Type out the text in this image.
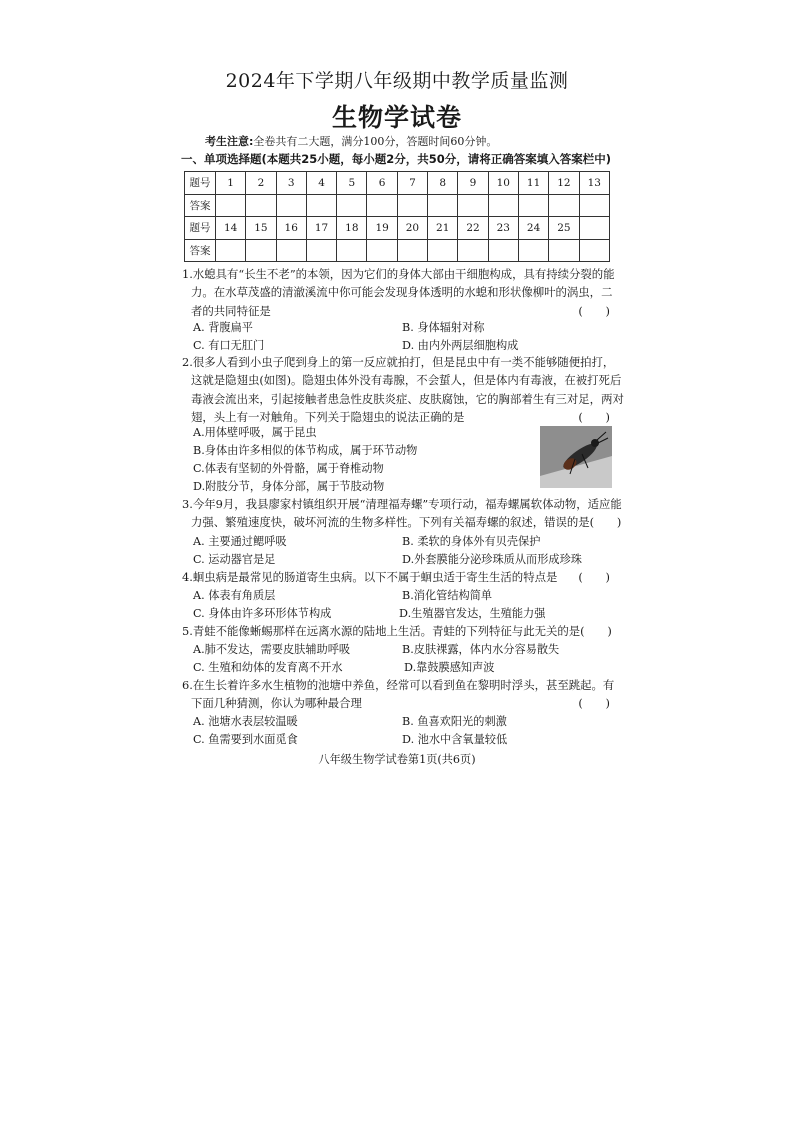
2024年下学期八年级期中教学质量监测
生物学试卷
考生注意:全卷共有二大题，满分100分，答题时间60分钟。
一、单项选择题(本题共25小题，每小题2分，共50分，请将正确答案填入答案栏中)
题号	1	2	3	4	5	6	7	8	9	10	11	12	13
答案													
题号	14	15	16	17	18	19	20	21	22	23	24	25	
答案													
1.水螅具有“长生不老”的本领，因为它们的身体大部由干细胞构成，具有持续分裂的能
力。在水草茂盛的清澈溪流中你可能会发现身体透明的水螅和形状像柳叶的涡虫，二
者的共同特征是	(　　)
A. 背腹扁平	B. 身体辐射对称
C. 有口无肛门	D. 由内外两层细胞构成
2.很多人看到小虫子爬到身上的第一反应就拍打，但是昆虫中有一类不能够随便拍打，
这就是隐翅虫(如图)。隐翅虫体外没有毒腺，不会蜇人，但是体内有毒液，在被打死后
毒液会流出来，引起接触者患急性皮肤炎症、皮肤腐蚀，它的胸部着生有三对足，两对
翅，头上有一对触角。下列关于隐翅虫的说法正确的是	(　　)
A.用体壁呼吸，属于昆虫
B.身体由许多相似的体节构成，属于环节动物
C.体表有坚韧的外骨骼，属于脊椎动物
D.附肢分节，身体分部，属于节肢动物
3.今年9月，我县廖家村镇组织开展“清理福寿螺”专项行动，福寿螺属软体动物，适应能
力强、繁殖速度快，破坏河流的生物多样性。下列有关福寿螺的叙述，错误的是(　　)
A. 主要通过鳃呼吸	B. 柔软的身体外有贝壳保护
C. 运动器官是足	D.外套膜能分泌珍珠质从而形成珍珠
4.蛔虫病是最常见的肠道寄生虫病。以下不属于蛔虫适于寄生生活的特点是 (　　)
A. 体表有角质层	B.消化管结构简单
C. 身体由许多环形体节构成	D.生殖器官发达，生殖能力强
5.青蛙不能像蜥蜴那样在远离水源的陆地上生活。青蛙的下列特征与此无关的是(　　)
A.肺不发达，需要皮肤辅助呼吸	B.皮肤裸露，体内水分容易散失
C. 生殖和幼体的发育离不开水	D.靠鼓膜感知声波
6.在生长着许多水生植物的池塘中养鱼，经常可以看到鱼在黎明时浮头，甚至跳起。有
下面几种猜测，你认为哪种最合理	(　　)
A. 池塘水表层较温暖	B. 鱼喜欢阳光的刺激
C. 鱼需要到水面觅食	D. 池水中含氧量较低
八年级生物学试卷第1页(共6页)
